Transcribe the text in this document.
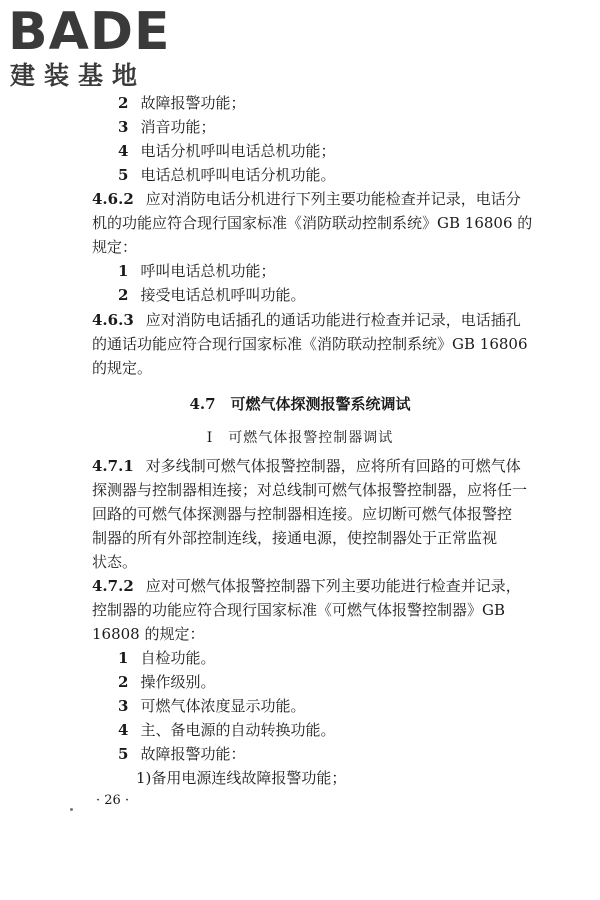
BADE
建装基地
2 故障报警功能；
3 消音功能；
4 电话分机呼叫电话总机功能；
5 电话总机呼叫电话分机功能。
4.6.2 应对消防电话分机进行下列主要功能检查并记录，电话分
机的功能应符合现行国家标准《消防联动控制系统》GB 16806 的
规定：
1 呼叫电话总机功能；
2 接受电话总机呼叫功能。
4.6.3 应对消防电话插孔的通话功能进行检查并记录，电话插孔
的通话功能应符合现行国家标准《消防联动控制系统》GB 16806
的规定。
4.7　可燃气体探测报警系统调试
Ⅰ　可燃气体报警控制器调试
4.7.1 对多线制可燃气体报警控制器，应将所有回路的可燃气体
探测器与控制器相连接；对总线制可燃气体报警控制器，应将任一
回路的可燃气体探测器与控制器相连接。应切断可燃气体报警控
制器的所有外部控制连线，接通电源，使控制器处于正常监视
状态。
4.7.2 应对可燃气体报警控制器下列主要功能进行检查并记录，
控制器的功能应符合现行国家标准《可燃气体报警控制器》GB
16808 的规定：
1 自检功能。
2 操作级别。
3 可燃气体浓度显示功能。
4 主、备电源的自动转换功能。
5 故障报警功能：
1)备用电源连线故障报警功能；
· 26 ·
